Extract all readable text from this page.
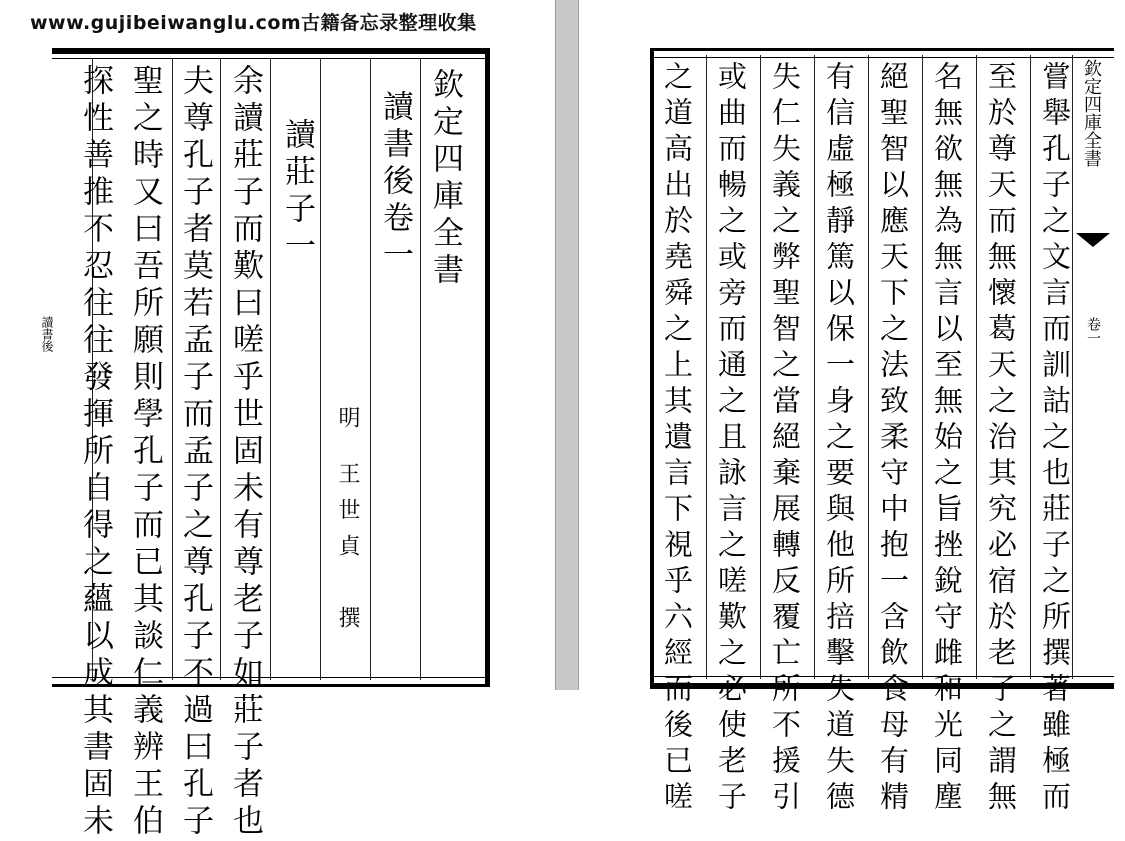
www.gujibeiwanglu.com古籍备忘录整理收集
欽定四庫全書
讀書後卷一
明
王世貞　撰
讀莊子一
余讀莊子而歎曰嗟乎世固未有尊老子如莊子者也
夫尊孔子者莫若孟子而孟子之尊孔子不過曰孔子
聖之時又曰吾所願則學孔子而已其談仁義辨王伯
探性善推不忍往往發揮所自得之蘊以成其書固未
讀書後	嘗舉孔子之文言而訓詁之也莊子之所撰著雖極而
至於尊天而無懷葛天之治其究必宿於老子之謂無
名無欲無為無言以至無始之旨挫銳守雌和光同塵
絕聖智以應天下之法致柔守中抱一含飲食母有精
有信虛極靜篤以保一身之要與他所掊擊失道失德
失仁失義之弊聖智之當絕棄展轉反覆亡所不援引
或曲而暢之或旁而通之且詠言之嗟歎之必使老子
之道高出於堯舜之上其遺言下視乎六經而後已嗟	欽定四庫全書
卷一
